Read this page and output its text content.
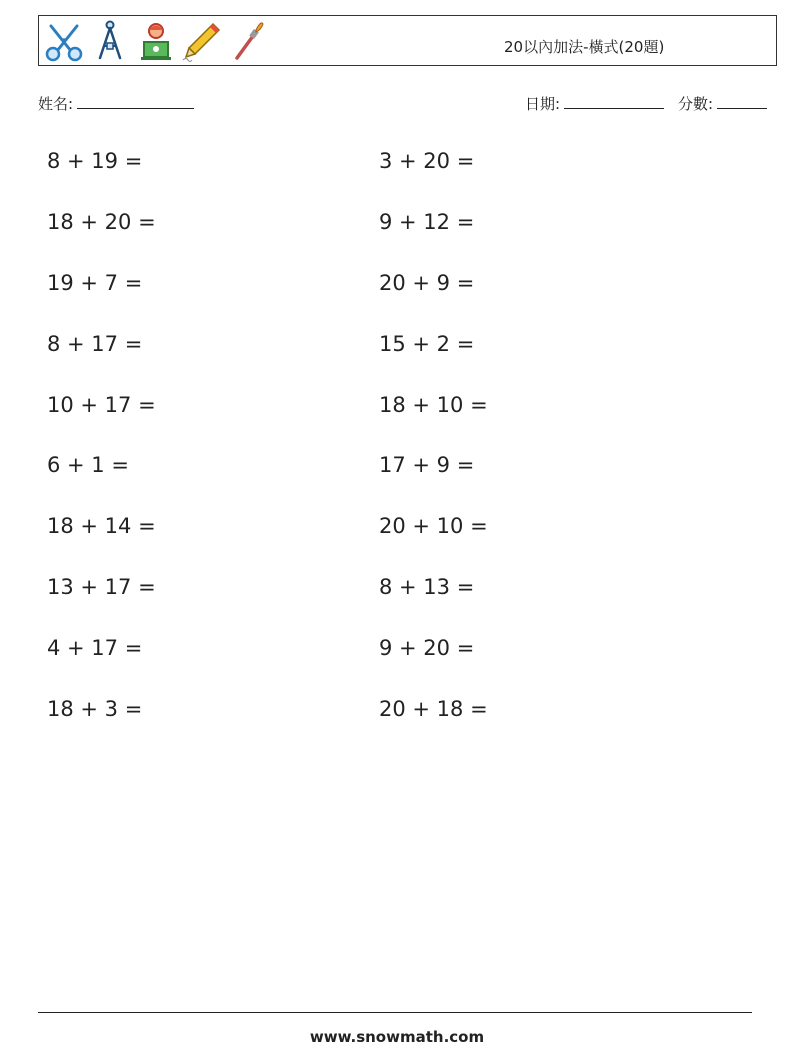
20以內加法-橫式(20題)
姓名:	日期:	分數:
8 + 19 =
18 + 20 =
19 + 7 =
8 + 17 =
10 + 17 =
6 + 1 =
18 + 14 =
13 + 17 =
4 + 17 =
18 + 3 =
3 + 20 =
9 + 12 =
20 + 9 =
15 + 2 =
18 + 10 =
17 + 9 =
20 + 10 =
8 + 13 =
9 + 20 =
20 + 18 =
www.snowmath.com
